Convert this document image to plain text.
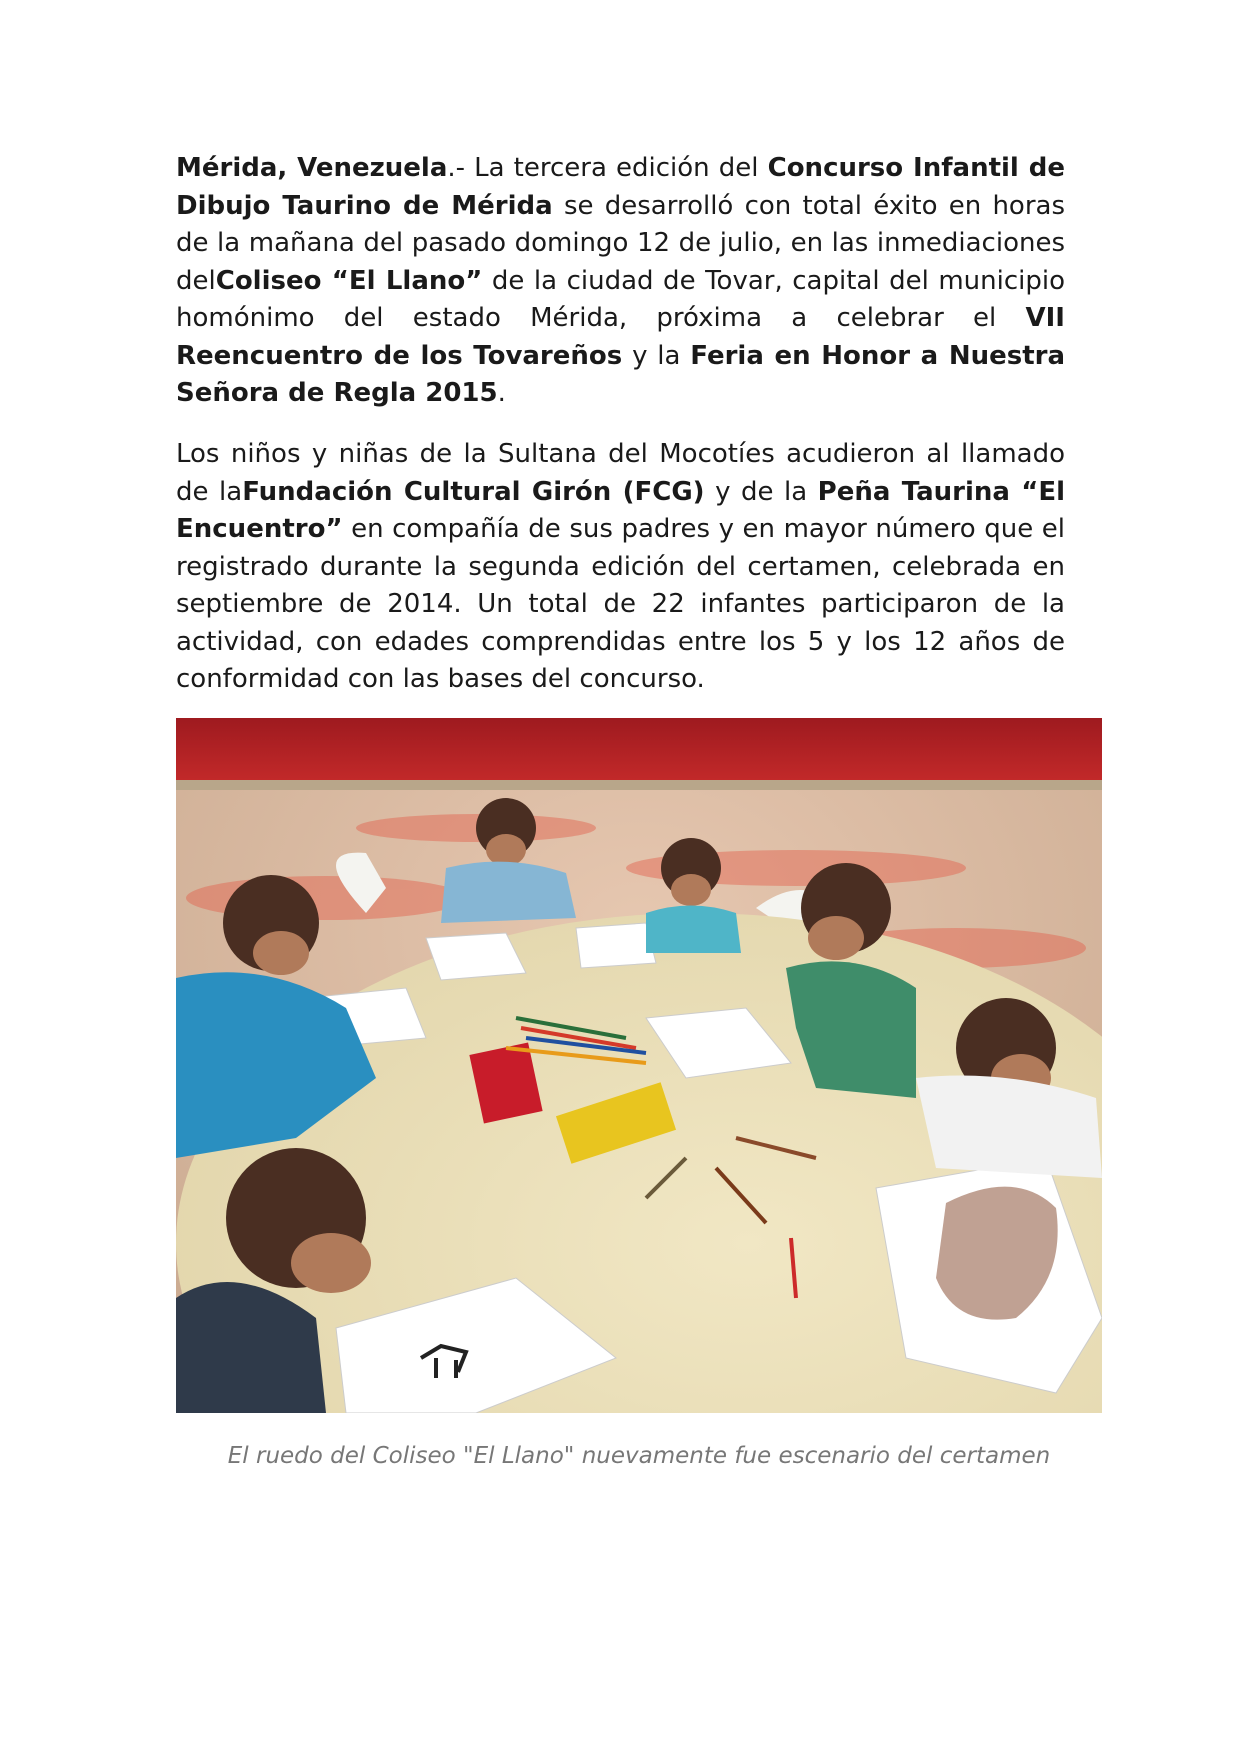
Mérida, Venezuela.- La tercera edición del Concurso Infantil de Dibujo Taurino de Mérida se desarrolló con total éxito en horas de la mañana del pasado domingo 12 de julio, en las inmediaciones delColiseo “El Llano” de la ciudad de Tovar, capital del municipio homónimo del estado Mérida, próxima a celebrar el VII Reencuentro de los Tovareños y la Feria en Honor a Nuestra Señora de Regla 2015.

Los niños y niñas de la Sultana del Mocotíes acudieron al llamado de laFundación Cultural Girón (FCG) y de la Peña Taurina “El Encuentro” en compañía de sus padres y en mayor número que el registrado durante la segunda edición del certamen, celebrada en septiembre de 2014. Un total de 22 infantes participaron de la actividad, con edades comprendidas entre los 5 y los 12 años de conformidad con las bases del concurso.

El ruedo del Coliseo "El Llano" nuevamente fue escenario del certamen
